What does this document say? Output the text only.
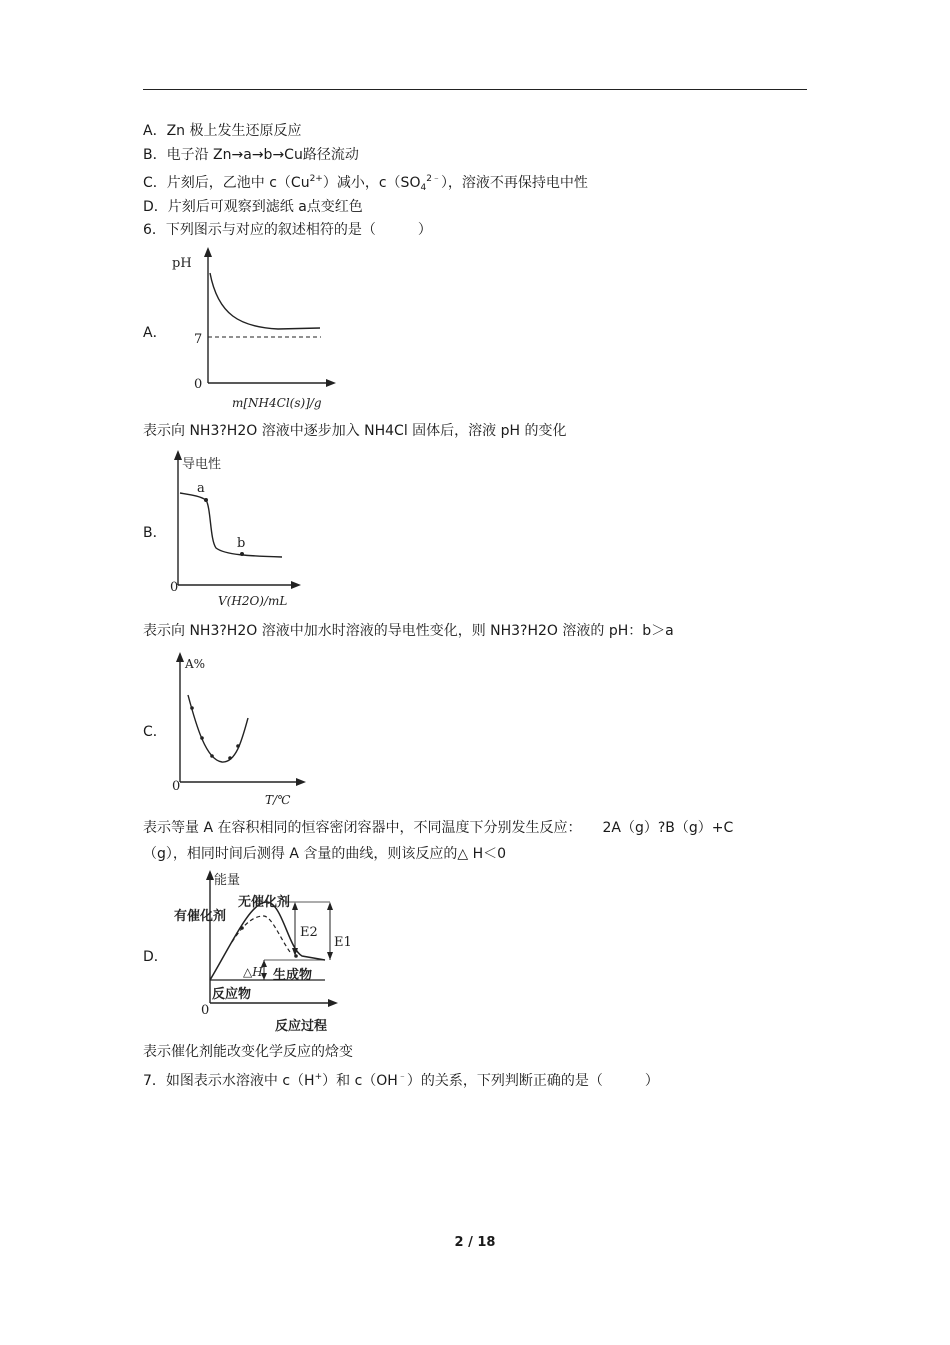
A．Zn 极上发生还原反应
B．电子沿 Zn→a→b→Cu路径流动
C．片刻后，乙池中 $c(Cu^{2+})$减小，$c(SO_4^{2﹣})$，溶液不再保持电中性
D．片刻后可观察到滤纸 a点变红色
6．下列图示与对应的叙述相符的是（　　　）
A．
pH
7
0
m[NH4Cl(s)]/g
表示向 NH3?H2O 溶液中逐步加入 NH4Cl 固体后，溶液 pH 的变化
B．
导电性
a
b
0
V(H2O)/mL
表示向 NH3?H2O 溶液中加水时溶液的导电性变化，则 NH3?H2O 溶液的 pH：b＞a
C．
A%
0
T/℃
表示等量 A 在容积相同的恒容密闭容器中，不同温度下分别发生反应：　　2A（g）?B（g）+C
（g），相同时间后测得 A 含量的曲线，则该反应的△ H＜0
D．
能量
有催化剂
无催化剂
E2
E1
△H 生成物
反应物
0
反应过程
表示催化剂能改变化学反应的焓变
7．如图表示水溶液中 c（H+）和 c（OH﹣）的关系，下列判断正确的是（　　　）
2 / 18
